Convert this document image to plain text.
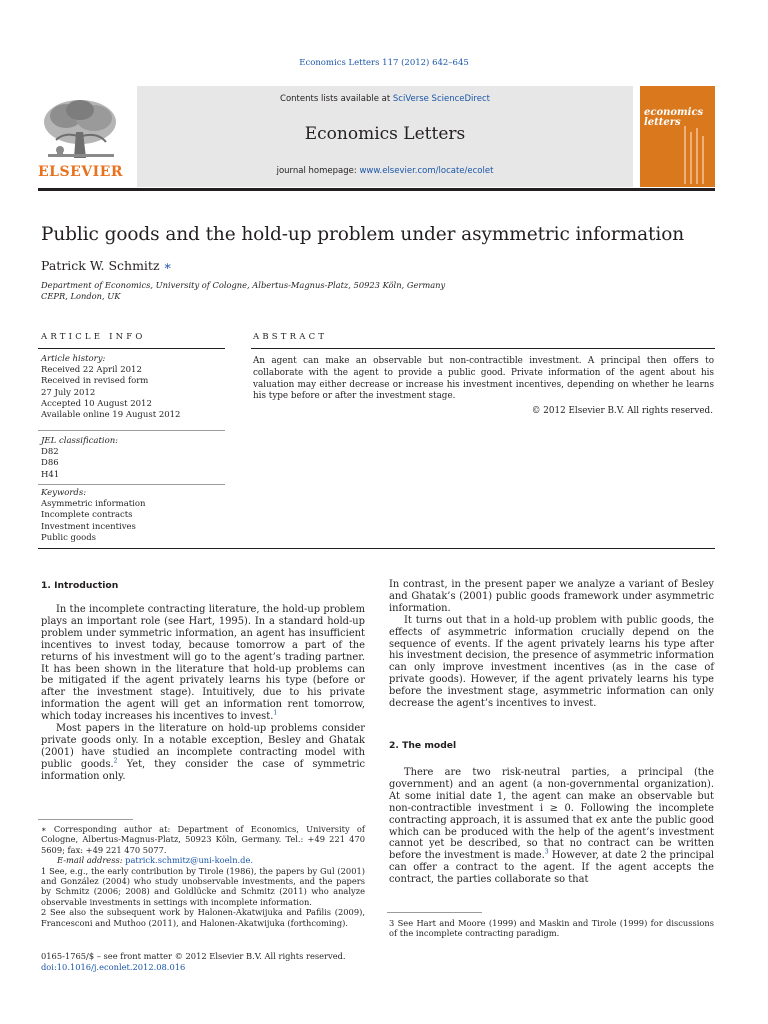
Economics Letters 117 (2012) 642–645
Contents lists available at SciVerse ScienceDirect
Economics Letters
journal homepage: www.elsevier.com/locate/ecolet
ELSEVIER
economics
letters
Public goods and the hold-up problem under asymmetric information
Patrick W. Schmitz ∗
Department of Economics, University of Cologne, Albertus-Magnus-Platz, 50923 Köln, Germany
CEPR, London, UK
ARTICLE INFO
Article history:
Received 22 April 2012
Received in revised form
27 July 2012
Accepted 10 August 2012
Available online 19 August 2012
JEL classification:
D82
D86
H41
Keywords:
Asymmetric information
Incomplete contracts
Investment incentives
Public goods
ABSTRACT
An agent can make an observable but non-contractible investment. A principal then offers to collaborate with the agent to provide a public good. Private information of the agent about his valuation may either decrease or increase his investment incentives, depending on whether he learns his type before or after the investment stage.
© 2012 Elsevier B.V. All rights reserved.
1. Introduction

In the incomplete contracting literature, the hold-up problem plays an important role (see Hart, 1995). In a standard hold-up problem under symmetric information, an agent has insufficient incentives to invest today, because tomorrow a part of the returns of his investment will go to the agent’s trading partner. It has been shown in the literature that hold-up problems can be mitigated if the agent privately learns his type (before or after the investment stage). Intuitively, due to his private information the agent will get an information rent tomorrow, which today increases his incentives to invest.$^1$

Most papers in the literature on hold-up problems consider private goods only. In a notable exception, Besley and Ghatak (2001) have studied an incomplete contracting model with public goods.$^2$ Yet, they consider the case of symmetric information only.

∗ Corresponding author at: Department of Economics, University of Cologne, Albertus-Magnus-Platz, 50923 Köln, Germany. Tel.: +49 221 470 5609; fax: +49 221 470 5077.

E-mail address: patrick.schmitz@uni-koeln.de.

1 See, e.g., the early contribution by Tirole (1986), the papers by Gul (2001) and González (2004) who study unobservable investments, and the papers by Schmitz (2006; 2008) and Goldlücke and Schmitz (2011) who analyze observable investments in settings with incomplete information.

2 See also the subsequent work by Halonen-Akatwijuka and Pafilis (2009), Francesconi and Muthoo (2011), and Halonen-Akatwijuka (forthcoming).

0165-1765/$ – see front matter © 2012 Elsevier B.V. All rights reserved.
doi:10.1016/j.econlet.2012.08.016

In contrast, in the present paper we analyze a variant of Besley and Ghatak’s (2001) public goods framework under asymmetric information.

It turns out that in a hold-up problem with public goods, the effects of asymmetric information crucially depend on the sequence of events. If the agent privately learns his type after his investment decision, the presence of asymmetric information can only improve investment incentives (as in the case of private goods). However, if the agent privately learns his type before the investment stage, asymmetric information can only decrease the agent’s incentives to invest.

2. The model

There are two risk-neutral parties, a principal (the government) and an agent (a non-governmental organization). At some initial date 1, the agent can make an observable but non-contractible investment i ≥ 0. Following the incomplete contracting approach, it is assumed that ex ante the public good which can be produced with the help of the agent’s investment cannot yet be described, so that no contract can be written before the investment is made.$^3$ However, at date 2 the principal can offer a contract to the agent. If the agent accepts the contract, the parties collaborate so that

3 See Hart and Moore (1999) and Maskin and Tirole (1999) for discussions of the incomplete contracting paradigm.
